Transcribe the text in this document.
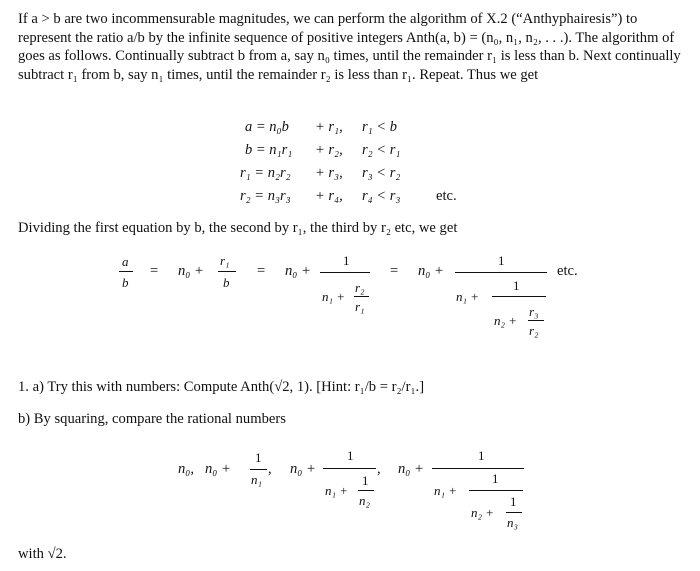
If a > b are two incommensurable magnitudes, we can perform the algorithm of X.2 (“Anthyphairesis”) to represent the ratio a/b by the infinite sequence of positive integers Anth(a, b) = (n₀, n₁, n₂, . . .). The algorithm of goes as follows. Continually subtract b from a, say n₀ times, until the remainder r₁ is less than b. Next continually subtract r₁ from b, say n₁ times, until the remainder r₂ is less than r₁. Repeat. Thus we get

a = n₀b + r₁, r₁ < b
b = n₁r₁ + r₂, r₂ < r₁
r₁ = n₂r₂ + r₃, r₃ < r₂
r₂ = n₃r₃ + r₄, r₄ < r₃ etc.
Dividing the first equation by b, the second by r₁, the third by r₂ etc, we get
a
b
= n₀ +
r₁
b
= n₀ +
1
n₁ +
r₂
r₁
= n₀ +
1
n₁ +
1
n₂ +
r₃
r₂
etc.
1. a) Try this with numbers: Compute Anth(√2, 1). [Hint: r₁/b = r₂/r₁.]
b) By squaring, compare the rational numbers
n₀, n₀ +
1
n₁
, n₀ +
1
n₁ +
1
n₂
, n₀ +
1
n₁ +
1
n₂ +
1
n₃
with √2.
